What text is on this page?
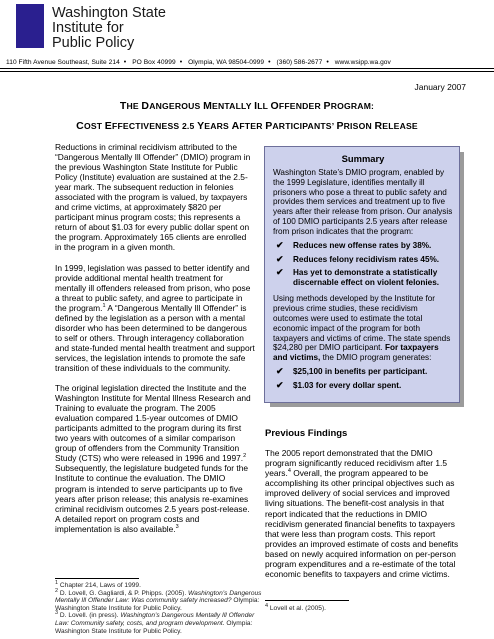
Washington State
Institute for
Public Policy
110 Fifth Avenue Southeast, Suite 214 • PO Box 40999 • Olympia, WA 98504-0999 • (360) 586-2677 • www.wsipp.wa.gov
January 2007
THE DANGEROUS MENTALLY ILL OFFENDER PROGRAM:
COST EFFECTIVENESS 2.5 YEARS AFTER PARTICIPANTS’ PRISON RELEASE

Reductions in criminal recidivism attributed to the “Dangerous Mentally Ill Offender” (DMIO) program in the previous Washington State Institute for Public Policy (Institute) evaluation are sustained at the 2.5-year mark. The subsequent reduction in felonies associated with the program is valued, by taxpayers and crime victims, at approximately $820 per participant minus program costs; this represents a return of about $1.03 for every public dollar spent on the program. Approximately 165 clients are enrolled in the program in a given month.

In 1999, legislation was passed to better identify and provide additional mental health treatment for mentally ill offenders released from prison, who pose a threat to public safety, and agree to participate in the program.$^1$ A “Dangerous Mentally Ill Offender” is defined by the legislation as a person with a mental disorder who has been determined to be dangerous to self or others. Through interagency collaboration and state-funded mental health treatment and support services, the legislation intends to promote the safe transition of these individuals to the community.

The original legislation directed the Institute and the Washington Institute for Mental Illness Research and Training to evaluate the program. The 2005 evaluation compared 1.5-year outcomes of DMIO participants admitted to the program during its first two years with outcomes of a similar comparison group of offenders from the Community Transition Study (CTS) who were released in 1996 and 1997.$^2$ Subsequently, the legislature budgeted funds for the Institute to continue the evaluation. The DMIO program is intended to serve participants up to five years after prison release; this analysis re-examines criminal recidivism outcomes 2.5 years post-release. A detailed report on program costs and implementation is also available.$^3$

$^1$ Chapter 214, Laws of 1999.
$^2$ D. Lovell, G. Gagliardi, & P. Phipps. (2005). Washington’s Dangerous Mentally Ill Offender Law: Was community safety increased? Olympia: Washington State Institute for Public Policy.
$^3$ D. Lovell. (in press). Washington’s Dangerous Mentally Ill Offender Law: Community safety, costs, and program development. Olympia: Washington State Institute for Public Policy.
Summary
Washington State’s DMIO program, enabled by the 1999 Legislature, identifies mentally ill prisoners who pose a threat to public safety and provides them services and treatment up to five years after their release from prison. Our analysis of 100 DMIO participants 2.5 years after release from prison indicates that the program:
✔ Reduces new offense rates by 38%.
✔ Reduces felony recidivism rates 45%.
✔ Has yet to demonstrate a statistically discernable effect on violent felonies.
Using methods developed by the Institute for previous crime studies, these recidivism outcomes were used to estimate the total economic impact of the program for both taxpayers and victims of crime. The state spends $24,280 per DMIO participant. For taxpayers and victims, the DMIO program generates:
✔ $25,100 in benefits per participant.
✔ $1.03 for every dollar spent.
Previous Findings
The 2005 report demonstrated that the DMIO program significantly reduced recidivism after 1.5 years.$^4$ Overall, the program appeared to be accomplishing its other principal objectives such as improved delivery of social services and improved living situations. The benefit-cost analysis in that report indicated that the reductions in DMIO recidivism generated financial benefits to taxpayers that were less than program costs. This report provides an improved estimate of costs and benefits based on newly acquired information on per-person program expenditures and a re-estimate of the total economic benefits to taxpayers and crime victims.
$^4$ Lovell et al. (2005).
